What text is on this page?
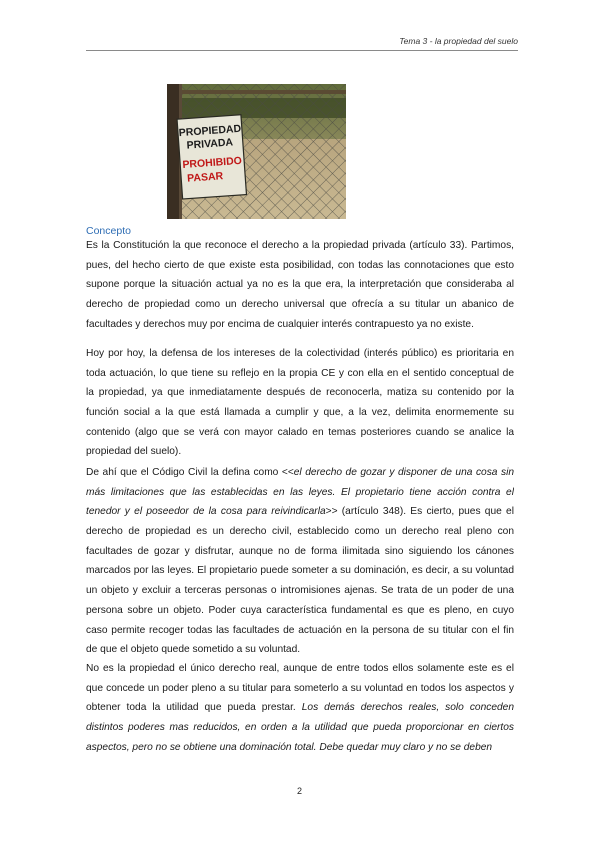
Tema 3 - la propiedad del suelo
PROPIEDAD
PRIVADA
PROHIBIDO
PASAR
Concepto
Es la Constitución la que reconoce el derecho a la propiedad privada (artículo 33). Partimos,
pues, del hecho cierto de que existe esta posibilidad, con todas las connotaciones que esto
supone porque la situación actual ya no es la que era, la interpretación que consideraba al
derecho de propiedad como un derecho universal que ofrecía a su titular un abanico de
facultades y derechos muy por encima de cualquier interés contrapuesto ya no existe.
Hoy por hoy, la defensa de los intereses de la colectividad (interés público) es prioritaria en
toda actuación, lo que tiene su reflejo en la propia CE y con ella en el sentido conceptual de
la propiedad, ya que inmediatamente después de reconocerla, matiza su contenido por la
función social a la que está llamada a cumplir y que, a la vez, delimita enormemente su
contenido (algo que se verá con mayor calado en temas posteriores cuando se analice la
propiedad del suelo).
De ahí que el Código Civil la defina como <<el derecho de gozar y disponer de una cosa sin
más limitaciones que las establecidas en las leyes. El propietario tiene acción contra el
tenedor y el poseedor de la cosa para reivindicarla>> (artículo 348). Es cierto, pues que el
derecho de propiedad es un derecho civil, establecido como un derecho real pleno con
facultades de gozar y disfrutar, aunque no de forma ilimitada sino siguiendo los cánones
marcados por las leyes. El propietario puede someter a su dominación, es decir, a su voluntad
un objeto y excluir a terceras personas o intromisiones ajenas. Se trata de un poder de una
persona sobre un objeto. Poder cuya característica fundamental es que es pleno, en cuyo
caso permite recoger todas las facultades de actuación en la persona de su titular con el fin
de que el objeto quede sometido a su voluntad.
No es la propiedad el único derecho real, aunque de entre todos ellos solamente este es el
que concede un poder pleno a su titular para someterlo a su voluntad en todos los aspectos y
obtener toda la utilidad que pueda prestar. Los demás derechos reales, solo conceden
distintos poderes mas reducidos, en orden a la utilidad que pueda proporcionar en ciertos
aspectos, pero no se obtiene una dominación total. Debe quedar muy claro y no se deben
2
